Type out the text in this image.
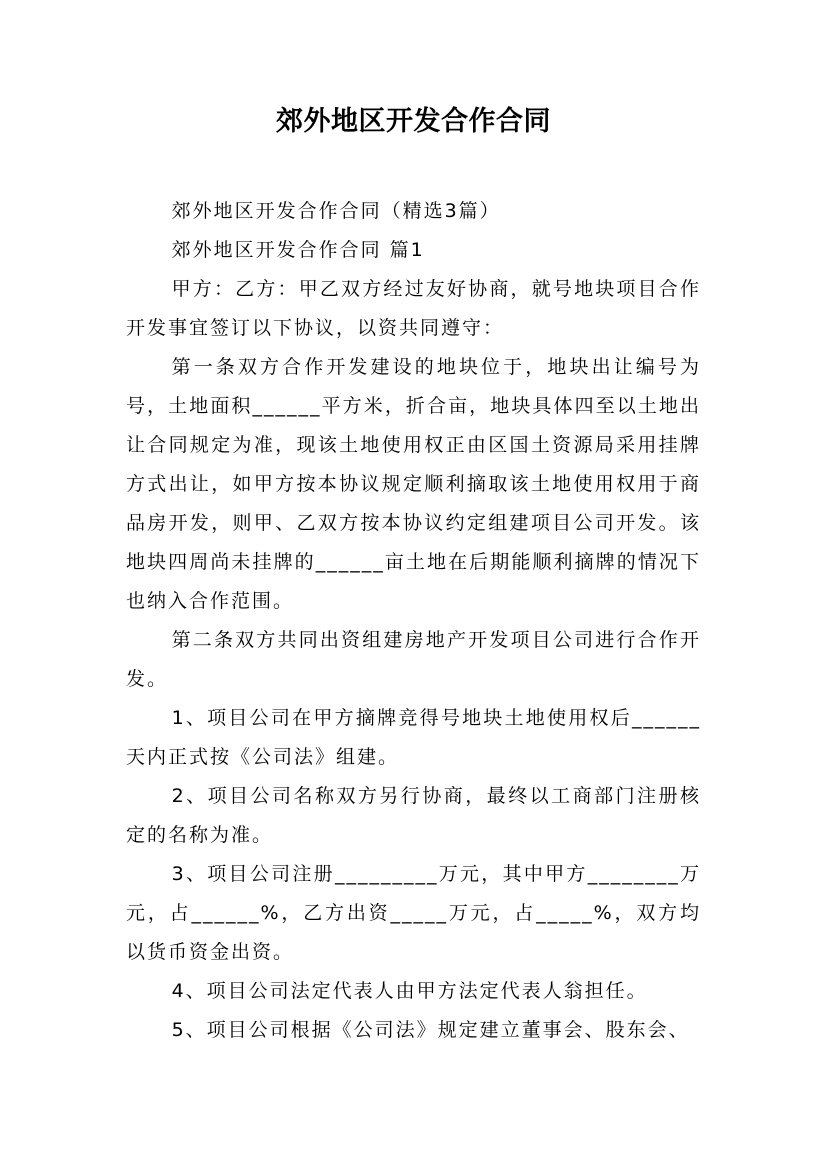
郊外地区开发合作合同

郊外地区开发合作合同（精选3篇）

郊外地区开发合作合同 篇1

甲方：乙方：甲乙双方经过友好协商，就号地块项目合作开发事宜签订以下协议，以资共同遵守：

第一条双方合作开发建设的地块位于，地块出让编号为号，土地面积______平方米，折合亩，地块具体四至以土地出让合同规定为准，现该土地使用权正由区国土资源局采用挂牌方式出让，如甲方按本协议规定顺利摘取该土地使用权用于商品房开发，则甲、乙双方按本协议约定组建项目公司开发。该地块四周尚未挂牌的______亩土地在后期能顺利摘牌的情况下也纳入合作范围。

第二条双方共同出资组建房地产开发项目公司进行合作开发。

1、项目公司在甲方摘牌竞得号地块土地使用权后______天内正式按《公司法》组建。

2、项目公司名称双方另行协商，最终以工商部门注册核定的名称为准。

3、项目公司注册_________万元，其中甲方________万元，占______%，乙方出资_____万元，占_____%，双方均以货币资金出资。

4、项目公司法定代表人由甲方法定代表人翁担任。

5、项目公司根据《公司法》规定建立董事会、股东会、
